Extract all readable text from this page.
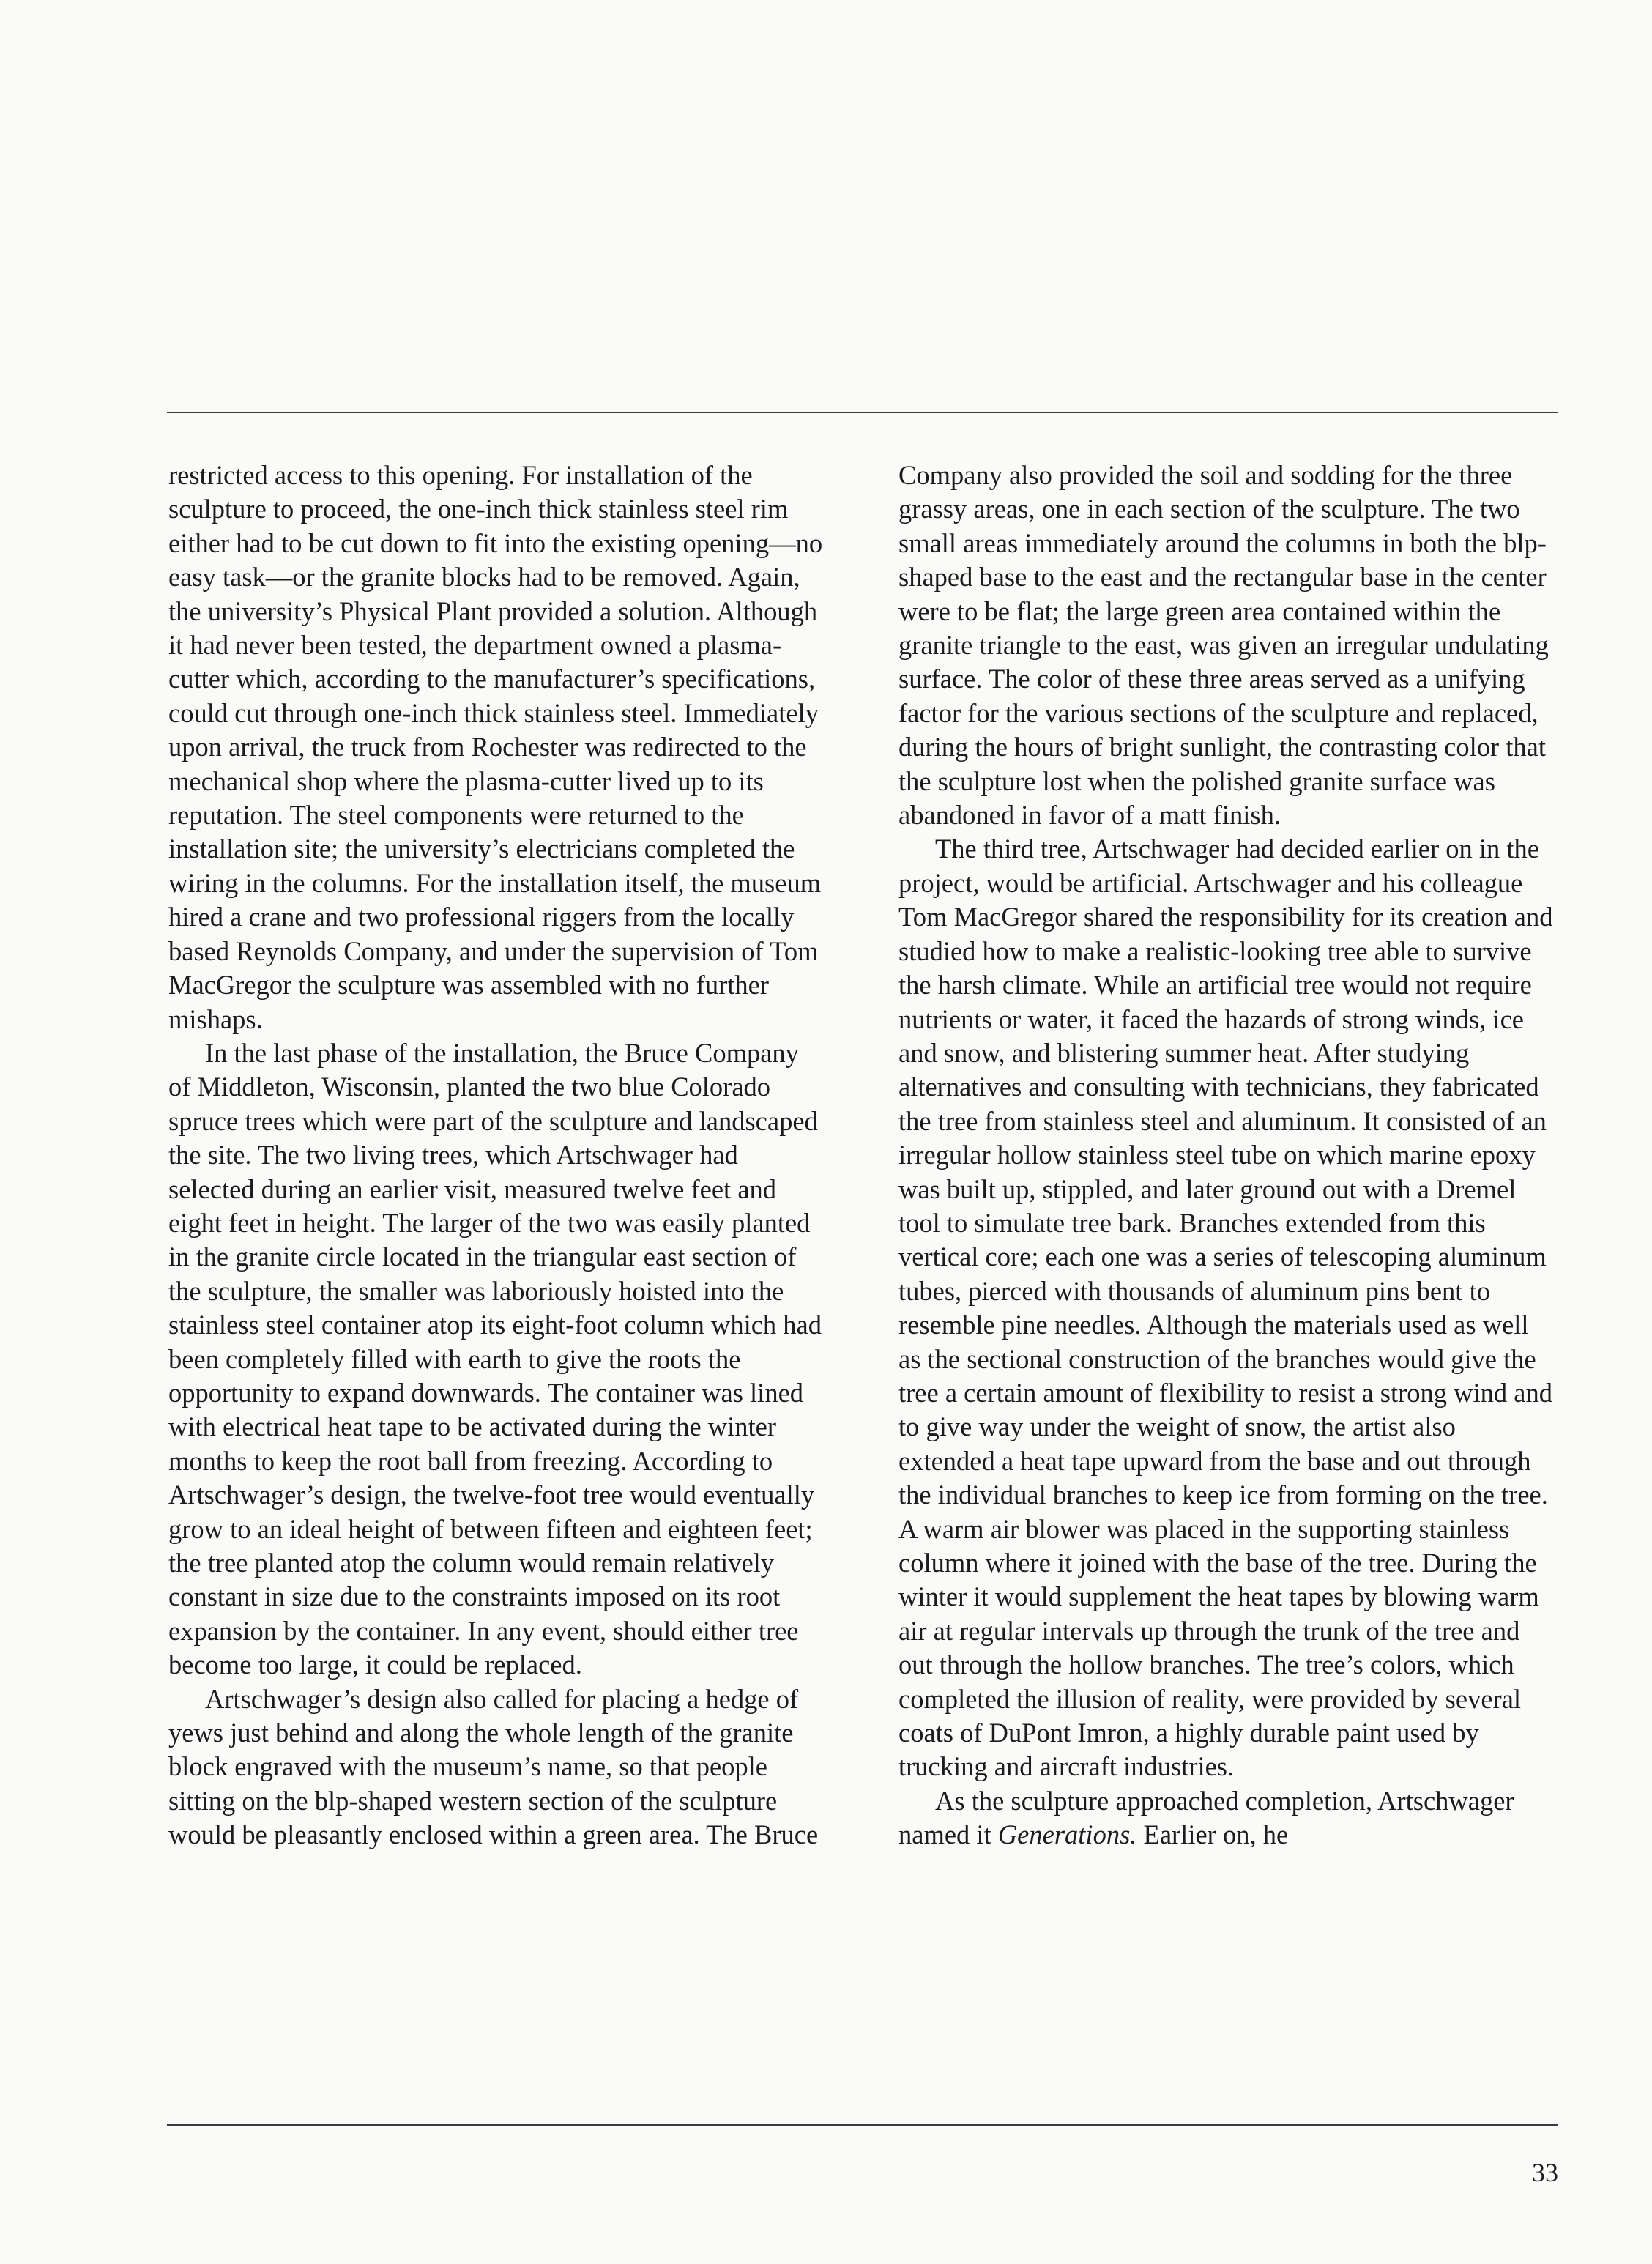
restricted access to this opening. For installation of the sculpture to proceed, the one-inch thick stainless steel rim either had to be cut down to fit into the existing opening—no easy task—or the granite blocks had to be removed. Again, the university’s Physical Plant provided a solution. Although it had never been tested, the department owned a plasma-cutter which, according to the manufacturer’s specifications, could cut through one-inch thick stainless steel. Immediately upon arrival, the truck from Rochester was redirected to the mechanical shop where the plasma-cutter lived up to its reputation. The steel components were returned to the installation site; the university’s electricians completed the wiring in the columns. For the installation itself, the museum hired a crane and two professional riggers from the locally based Reynolds Company, and under the supervision of Tom MacGregor the sculpture was assembled with no further mishaps.

In the last phase of the installation, the Bruce Company of Middleton, Wisconsin, planted the two blue Colorado spruce trees which were part of the sculpture and landscaped the site. The two living trees, which Artschwager had selected during an earlier visit, measured twelve feet and eight feet in height. The larger of the two was easily planted in the granite circle located in the triangular east section of the sculpture, the smaller was laboriously hoisted into the stainless steel container atop its eight-foot column which had been completely filled with earth to give the roots the opportunity to expand downwards. The container was lined with electrical heat tape to be activated during the winter months to keep the root ball from freezing. According to Artschwager’s design, the twelve-foot tree would eventually grow to an ideal height of between fifteen and eighteen feet; the tree planted atop the column would remain relatively constant in size due to the constraints imposed on its root expansion by the container. In any event, should either tree become too large, it could be replaced.

Artschwager’s design also called for placing a hedge of yews just behind and along the whole length of the granite block engraved with the museum’s name, so that people sitting on the blp-shaped western section of the sculpture would be pleasantly enclosed within a green area. The Bruce

Company also provided the soil and sodding for the three grassy areas, one in each section of the sculpture. The two small areas immediately around the columns in both the blp-shaped base to the east and the rectangular base in the center were to be flat; the large green area contained within the granite triangle to the east, was given an irregular undulating surface. The color of these three areas served as a unifying factor for the various sections of the sculpture and replaced, during the hours of bright sunlight, the contrasting color that the sculpture lost when the polished granite surface was abandoned in favor of a matt finish.

The third tree, Artschwager had decided earlier on in the project, would be artificial. Artschwager and his colleague Tom MacGregor shared the responsibility for its creation and studied how to make a realistic-looking tree able to survive the harsh climate. While an artificial tree would not require nutrients or water, it faced the hazards of strong winds, ice and snow, and blistering summer heat. After studying alternatives and consulting with technicians, they fabricated the tree from stainless steel and aluminum. It consisted of an irregular hollow stainless steel tube on which marine epoxy was built up, stippled, and later ground out with a Dremel tool to simulate tree bark. Branches extended from this vertical core; each one was a series of telescoping aluminum tubes, pierced with thousands of aluminum pins bent to resemble pine needles. Although the materials used as well as the sectional construction of the branches would give the tree a certain amount of flexibility to resist a strong wind and to give way under the weight of snow, the artist also extended a heat tape upward from the base and out through the individual branches to keep ice from forming on the tree. A warm air blower was placed in the supporting stainless column where it joined with the base of the tree. During the winter it would supplement the heat tapes by blowing warm air at regular intervals up through the trunk of the tree and out through the hollow branches. The tree’s colors, which completed the illusion of reality, were provided by several coats of DuPont Imron, a highly durable paint used by trucking and aircraft industries.

As the sculpture approached completion, Artschwager named it Generations. Earlier on, he

33
